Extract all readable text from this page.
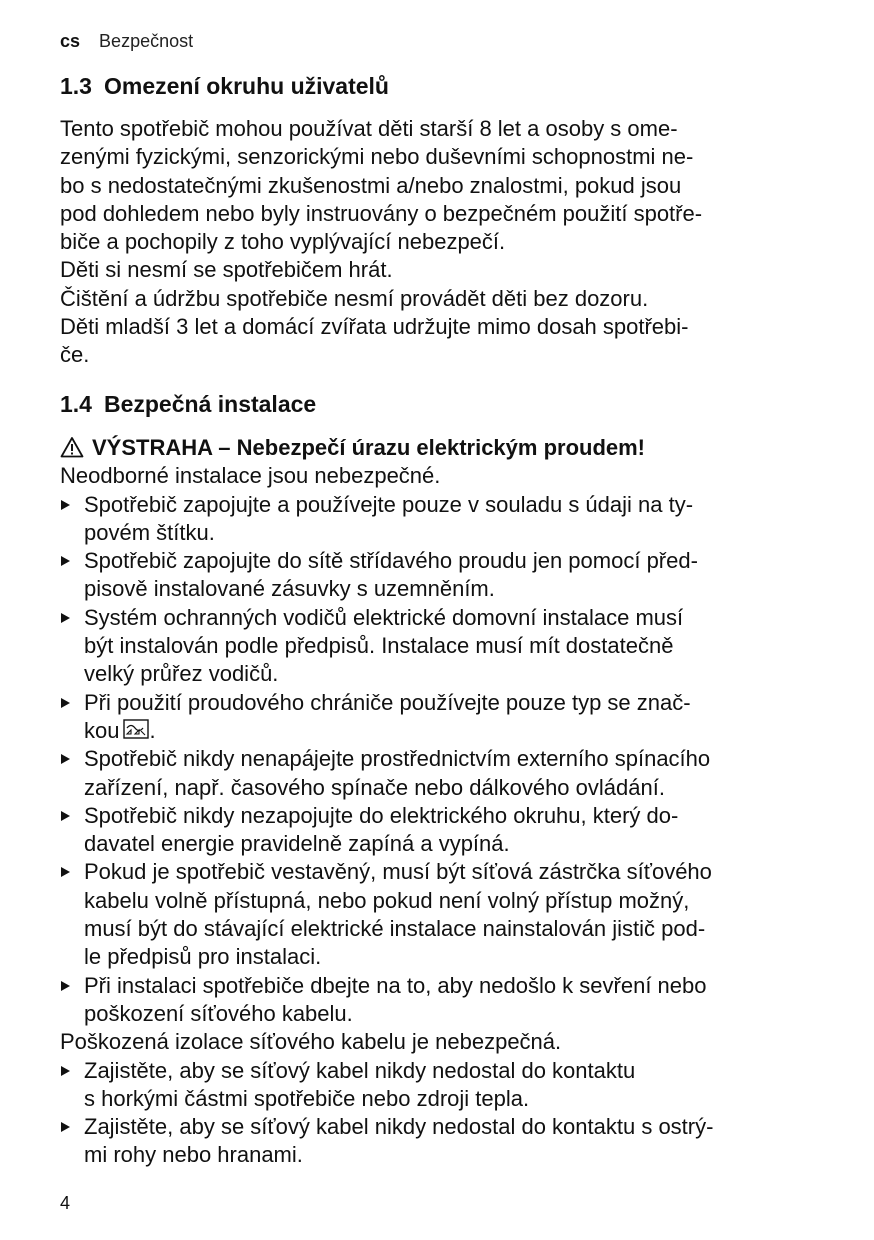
cs Bezpečnost
1.3 Omezení okruhu uživatelů
Tento spotřebič mohou používat děti starší 8 let a osoby s ome-
zenými fyzickými, senzorickými nebo duševními schopnostmi ne-
bo s nedostatečnými zkušenostmi a/nebo znalostmi, pokud jsou
pod dohledem nebo byly instruovány o bezpečném použití spotře-
biče a pochopily z toho vyplývající nebezpečí.
Děti si nesmí se spotřebičem hrát.
Čištění a údržbu spotřebiče nesmí provádět děti bez dozoru.
Děti mladší 3 let a domácí zvířata udržujte mimo dosah spotřebi-
če.
1.4 Bezpečná instalace
VÝSTRAHA – Nebezpečí úrazu elektrickým proudem!
Neodborné instalace jsou nebezpečné.
Spotřebič zapojujte a používejte pouze v souladu s údaji na ty-
povém štítku.
Spotřebič zapojujte do sítě střídavého proudu jen pomocí před-
pisově instalované zásuvky s uzemněním.
Systém ochranných vodičů elektrické domovní instalace musí
být instalován podle předpisů. Instalace musí mít dostatečně
velký průřez vodičů.
Při použití proudového chrániče používejte pouze typ se znač-
kou .
Spotřebič nikdy nenapájejte prostřednictvím externího spínacího
zařízení, např. časového spínače nebo dálkového ovládání.
Spotřebič nikdy nezapojujte do elektrického okruhu, který do-
davatel energie pravidelně zapíná a vypíná.
Pokud je spotřebič vestavěný, musí být síťová zástrčka síťového
kabelu volně přístupná, nebo pokud není volný přístup možný,
musí být do stávající elektrické instalace nainstalován jistič pod-
le předpisů pro instalaci.
Při instalaci spotřebiče dbejte na to, aby nedošlo k sevření nebo
poškození síťového kabelu.
Poškozená izolace síťového kabelu je nebezpečná.
Zajistěte, aby se síťový kabel nikdy nedostal do kontaktu
s horkými částmi spotřebiče nebo zdroji tepla.
Zajistěte, aby se síťový kabel nikdy nedostal do kontaktu s ostrý-
mi rohy nebo hranami.
4
